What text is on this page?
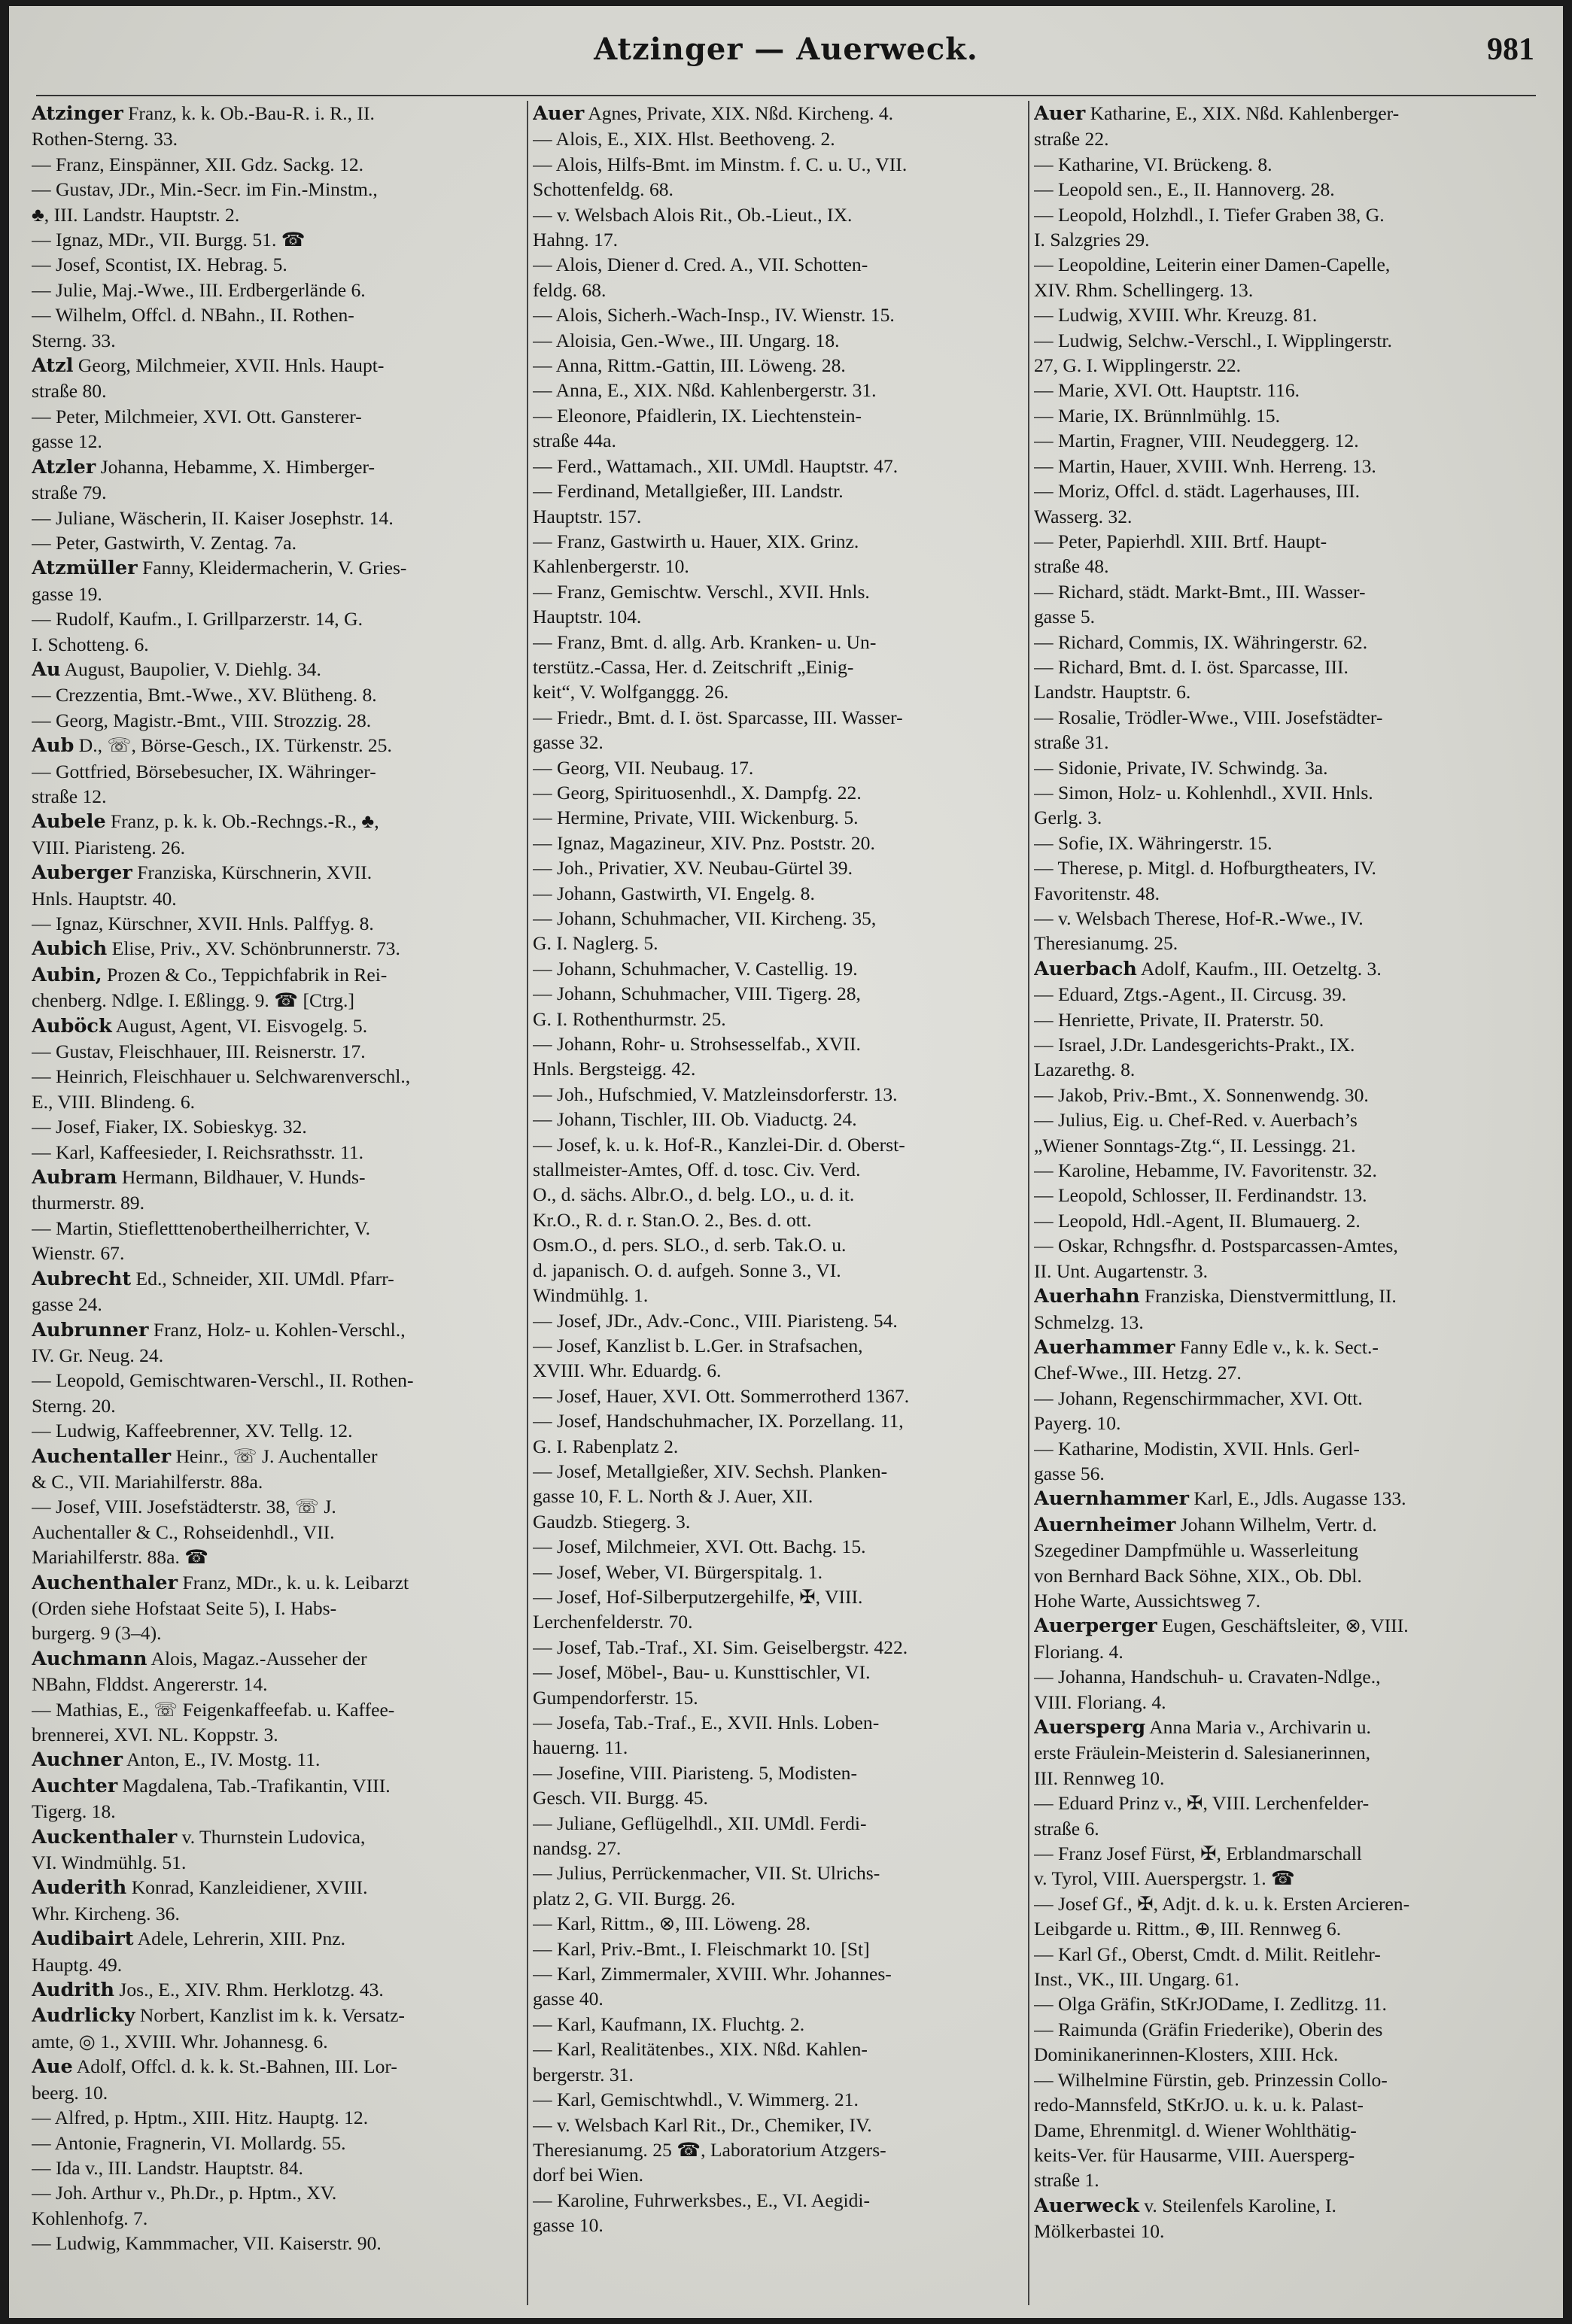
Atzinger — Auerweck.	981

Atzinger Franz, k. k. Ob.-Bau-R. i. R., II.
Rothen-Sterng. 33.

— Franz, Einspänner, XII. Gdz. Sackg. 12.

— Gustav, JDr., Min.-Secr. im Fin.-Minstm.,
♣, III. Landstr. Hauptstr. 2.

— Ignaz, MDr., VII. Burgg. 51. ☎

— Josef, Scontist, IX. Hebrag. 5.

— Julie, Maj.-Wwe., III. Erdbergerlände 6.

— Wilhelm, Offcl. d. NBahn., II. Rothen-
Sterng. 33.

Atzl Georg, Milchmeier, XVII. Hnls. Haupt-
straße 80.

— Peter, Milchmeier, XVI. Ott. Gansterer-
gasse 12.

Atzler Johanna, Hebamme, X. Himberger-
straße 79.

— Juliane, Wäscherin, II. Kaiser Josephstr. 14.

— Peter, Gastwirth, V. Zentag. 7a.

Atzmüller Fanny, Kleidermacherin, V. Gries-
gasse 19.

— Rudolf, Kaufm., I. Grillparzerstr. 14, G.
I. Schotteng. 6.

Au August, Baupolier, V. Diehlg. 34.

— Crezzentia, Bmt.-Wwe., XV. Blütheng. 8.

— Georg, Magistr.-Bmt., VIII. Strozzig. 28.

Aub D., ☏, Börse-Gesch., IX. Türkenstr. 25.

— Gottfried, Börsebesucher, IX. Währinger-
straße 12.

Aubele Franz, p. k. k. Ob.-Rechngs.-R., ♣,
VIII. Piaristeng. 26.

Auberger Franziska, Kürschnerin, XVII.
Hnls. Hauptstr. 40.

— Ignaz, Kürschner, XVII. Hnls. Palffyg. 8.

Aubich Elise, Priv., XV. Schönbrunnerstr. 73.

Aubin, Prozen & Co., Teppichfabrik in Rei-
chenberg. Ndlge. I. Eßlingg. 9. ☎ [Ctrg.]

Auböck August, Agent, VI. Eisvogelg. 5.

— Gustav, Fleischhauer, III. Reisnerstr. 17.

— Heinrich, Fleischhauer u. Selchwarenverschl.,
E., VIII. Blindeng. 6.

— Josef, Fiaker, IX. Sobieskyg. 32.

— Karl, Kaffeesieder, I. Reichsrathsstr. 11.

Aubram Hermann, Bildhauer, V. Hunds-
thurmerstr. 89.

— Martin, Stiefletttenobertheilherrichter, V.
Wienstr. 67.

Aubrecht Ed., Schneider, XII. UMdl. Pfarr-
gasse 24.

Aubrunner Franz, Holz- u. Kohlen-Verschl.,
IV. Gr. Neug. 24.

— Leopold, Gemischtwaren-Verschl., II. Rothen-
Sterng. 20.

— Ludwig, Kaffeebrenner, XV. Tellg. 12.

Auchentaller Heinr., ☏ J. Auchentaller
& C., VII. Mariahilferstr. 88a.

— Josef, VIII. Josefstädterstr. 38, ☏ J.
Auchentaller & C., Rohseidenhdl., VII.
Mariahilferstr. 88a. ☎

Auchenthaler Franz, MDr., k. u. k. Leibarzt
(Orden siehe Hofstaat Seite 5), I. Habs-
burgerg. 9 (3–4).

Auchmann Alois, Magaz.-Ausseher der
NBahn, Flddst. Angererstr. 14.

— Mathias, E., ☏ Feigenkaffeefab. u. Kaffee-
brennerei, XVI. NL. Koppstr. 3.

Auchner Anton, E., IV. Mostg. 11.

Auchter Magdalena, Tab.-Trafikantin, VIII.
Tigerg. 18.

Auckenthaler v. Thurnstein Ludovica,
VI. Windmühlg. 51.

Auderith Konrad, Kanzleidiener, XVIII.
Whr. Kircheng. 36.

Audibairt Adele, Lehrerin, XIII. Pnz.
Hauptg. 49.

Audrith Jos., E., XIV. Rhm. Herklotzg. 43.

Audrlicky Norbert, Kanzlist im k. k. Versatz-
amte, ◎ 1., XVIII. Whr. Johannesg. 6.

Aue Adolf, Offcl. d. k. k. St.-Bahnen, III. Lor-
beerg. 10.

— Alfred, p. Hptm., XIII. Hitz. Hauptg. 12.

— Antonie, Fragnerin, VI. Mollardg. 55.

— Ida v., III. Landstr. Hauptstr. 84.

— Joh. Arthur v., Ph.Dr., p. Hptm., XV.
Kohlenhofg. 7.

— Ludwig, Kammmacher, VII. Kaiserstr. 90.

Auer Agnes, Private, XIX. Nßd. Kircheng. 4.

— Alois, E., XIX. Hlst. Beethoveng. 2.

— Alois, Hilfs-Bmt. im Minstm. f. C. u. U., VII.
Schottenfeldg. 68.

— v. Welsbach Alois Rit., Ob.-Lieut., IX.
Hahng. 17.

— Alois, Diener d. Cred. A., VII. Schotten-
feldg. 68.

— Alois, Sicherh.-Wach-Insp., IV. Wienstr. 15.

— Aloisia, Gen.-Wwe., III. Ungarg. 18.

— Anna, Rittm.-Gattin, III. Löweng. 28.

— Anna, E., XIX. Nßd. Kahlenbergerstr. 31.

— Eleonore, Pfaidlerin, IX. Liechtenstein-
straße 44a.

— Ferd., Wattamach., XII. UMdl. Hauptstr. 47.

— Ferdinand, Metallgießer, III. Landstr.
Hauptstr. 157.

— Franz, Gastwirth u. Hauer, XIX. Grinz.
Kahlenbergerstr. 10.

— Franz, Gemischtw. Verschl., XVII. Hnls.
Hauptstr. 104.

— Franz, Bmt. d. allg. Arb. Kranken- u. Un-
terstütz.-Cassa, Her. d. Zeitschrift „Einig-
keit“, V. Wolfganggg. 26.

— Friedr., Bmt. d. I. öst. Sparcasse, III. Wasser-
gasse 32.

— Georg, VII. Neubaug. 17.

— Georg, Spirituosenhdl., X. Dampfg. 22.

— Hermine, Private, VIII. Wickenburg. 5.

— Ignaz, Magazineur, XIV. Pnz. Poststr. 20.

— Joh., Privatier, XV. Neubau-Gürtel 39.

— Johann, Gastwirth, VI. Engelg. 8.

— Johann, Schuhmacher, VII. Kircheng. 35,
G. I. Naglerg. 5.

— Johann, Schuhmacher, V. Castellig. 19.

— Johann, Schuhmacher, VIII. Tigerg. 28,
G. I. Rothenthurmstr. 25.

— Johann, Rohr- u. Strohsesselfab., XVII.
Hnls. Bergsteigg. 42.

— Joh., Hufschmied, V. Matzleinsdorferstr. 13.

— Johann, Tischler, III. Ob. Viaductg. 24.

— Josef, k. u. k. Hof-R., Kanzlei-Dir. d. Oberst-
stallmeister-Amtes, Off. d. tosc. Civ. Verd.
O., d. sächs. Albr.O., d. belg. LO., u. d. it.
Kr.O., R. d. r. Stan.O. 2., Bes. d. ott.
Osm.O., d. pers. SLO., d. serb. Tak.O. u.
d. japanisch. O. d. aufgeh. Sonne 3., VI.
Windmühlg. 1.

— Josef, JDr., Adv.-Conc., VIII. Piaristeng. 54.

— Josef, Kanzlist b. L.Ger. in Strafsachen,
XVIII. Whr. Eduardg. 6.

— Josef, Hauer, XVI. Ott. Sommerrotherd 1367.

— Josef, Handschuhmacher, IX. Porzellang. 11,
G. I. Rabenplatz 2.

— Josef, Metallgießer, XIV. Sechsh. Planken-
gasse 10, F. L. North & J. Auer, XII.
Gaudzb. Stiegerg. 3.

— Josef, Milchmeier, XVI. Ott. Bachg. 15.

— Josef, Weber, VI. Bürgerspitalg. 1.

— Josef, Hof-Silberputzergehilfe, ✠, VIII.
Lerchenfelderstr. 70.

— Josef, Tab.-Traf., XI. Sim. Geiselbergstr. 422.

— Josef, Möbel-, Bau- u. Kunsttischler, VI.
Gumpendorferstr. 15.

— Josefa, Tab.-Traf., E., XVII. Hnls. Loben-
hauerng. 11.

— Josefine, VIII. Piaristeng. 5, Modisten-
Gesch. VII. Burgg. 45.

— Juliane, Geflügelhdl., XII. UMdl. Ferdi-
nandsg. 27.

— Julius, Perrückenmacher, VII. St. Ulrichs-
platz 2, G. VII. Burgg. 26.

— Karl, Rittm., ⊗, III. Löweng. 28.

— Karl, Priv.-Bmt., I. Fleischmarkt 10. [St]

— Karl, Zimmermaler, XVIII. Whr. Johannes-
gasse 40.

— Karl, Kaufmann, IX. Fluchtg. 2.

— Karl, Realitätenbes., XIX. Nßd. Kahlen-
bergerstr. 31.

— Karl, Gemischtwhdl., V. Wimmerg. 21.

— v. Welsbach Karl Rit., Dr., Chemiker, IV.
Theresianumg. 25 ☎, Laboratorium Atzgers-
dorf bei Wien.

— Karoline, Fuhrwerksbes., E., VI. Aegidi-
gasse 10.

Auer Katharine, E., XIX. Nßd. Kahlenberger-
straße 22.

— Katharine, VI. Brückeng. 8.

— Leopold sen., E., II. Hannoverg. 28.

— Leopold, Holzhdl., I. Tiefer Graben 38, G.
I. Salzgries 29.

— Leopoldine, Leiterin einer Damen-Capelle,
XIV. Rhm. Schellingerg. 13.

— Ludwig, XVIII. Whr. Kreuzg. 81.

— Ludwig, Selchw.-Verschl., I. Wipplingerstr.
27, G. I. Wipplingerstr. 22.

— Marie, XVI. Ott. Hauptstr. 116.

— Marie, IX. Brünnlmühlg. 15.

— Martin, Fragner, VIII. Neudeggerg. 12.

— Martin, Hauer, XVIII. Wnh. Herreng. 13.

— Moriz, Offcl. d. städt. Lagerhauses, III.
Wasserg. 32.

— Peter, Papierhdl. XIII. Brtf. Haupt-
straße 48.

— Richard, städt. Markt-Bmt., III. Wasser-
gasse 5.

— Richard, Commis, IX. Währingerstr. 62.

— Richard, Bmt. d. I. öst. Sparcasse, III.
Landstr. Hauptstr. 6.

— Rosalie, Trödler-Wwe., VIII. Josefstädter-
straße 31.

— Sidonie, Private, IV. Schwindg. 3a.

— Simon, Holz- u. Kohlenhdl., XVII. Hnls.
Gerlg. 3.

— Sofie, IX. Währingerstr. 15.

— Therese, p. Mitgl. d. Hofburgtheaters, IV.
Favoritenstr. 48.

— v. Welsbach Therese, Hof-R.-Wwe., IV.
Theresianumg. 25.

Auerbach Adolf, Kaufm., III. Oetzeltg. 3.

— Eduard, Ztgs.-Agent., II. Circusg. 39.

— Henriette, Private, II. Praterstr. 50.

— Israel, J.Dr. Landesgerichts-Prakt., IX.
Lazarethg. 8.

— Jakob, Priv.-Bmt., X. Sonnenwendg. 30.

— Julius, Eig. u. Chef-Red. v. Auerbach’s
„Wiener Sonntags-Ztg.“, II. Lessingg. 21.

— Karoline, Hebamme, IV. Favoritenstr. 32.

— Leopold, Schlosser, II. Ferdinandstr. 13.

— Leopold, Hdl.-Agent, II. Blumauerg. 2.

— Oskar, Rchngsfhr. d. Postsparcassen-Amtes,
II. Unt. Augartenstr. 3.

Auerhahn Franziska, Dienstvermittlung, II.
Schmelzg. 13.

Auerhammer Fanny Edle v., k. k. Sect.-
Chef-Wwe., III. Hetzg. 27.

— Johann, Regenschirmmacher, XVI. Ott.
Payerg. 10.

— Katharine, Modistin, XVII. Hnls. Gerl-
gasse 56.

Auernhammer Karl, E., Jdls. Augasse 133.

Auernheimer Johann Wilhelm, Vertr. d.
Szegediner Dampfmühle u. Wasserleitung
von Bernhard Back Söhne, XIX., Ob. Dbl.
Hohe Warte, Aussichtsweg 7.

Auerperger Eugen, Geschäftsleiter, ⊗, VIII.
Floriang. 4.

— Johanna, Handschuh- u. Cravaten-Ndlge.,
VIII. Floriang. 4.

Auersperg Anna Maria v., Archivarin u.
erste Fräulein-Meisterin d. Salesianerinnen,
III. Rennweg 10.

— Eduard Prinz v., ✠, VIII. Lerchenfelder-
straße 6.

— Franz Josef Fürst, ✠, Erblandmarschall
v. Tyrol, VIII. Auerspergstr. 1. ☎

— Josef Gf., ✠, Adjt. d. k. u. k. Ersten Arcieren-
Leibgarde u. Rittm., ⊕, III. Rennweg 6.

— Karl Gf., Oberst, Cmdt. d. Milit. Reitlehr-
Inst., VK., III. Ungarg. 61.

— Olga Gräfin, StKrJODame, I. Zedlitzg. 11.

— Raimunda (Gräfin Friederike), Oberin des
Dominikanerinnen-Klosters, XIII. Hck.

— Wilhelmine Fürstin, geb. Prinzessin Collo-
redo-Mannsfeld, StKrJO. u. k. u. k. Palast-
Dame, Ehrenmitgl. d. Wiener Wohlthätig-
keits-Ver. für Hausarme, VIII. Auersperg-
straße 1.

Auerweck v. Steilenfels Karoline, I.
Mölkerbastei 10.
